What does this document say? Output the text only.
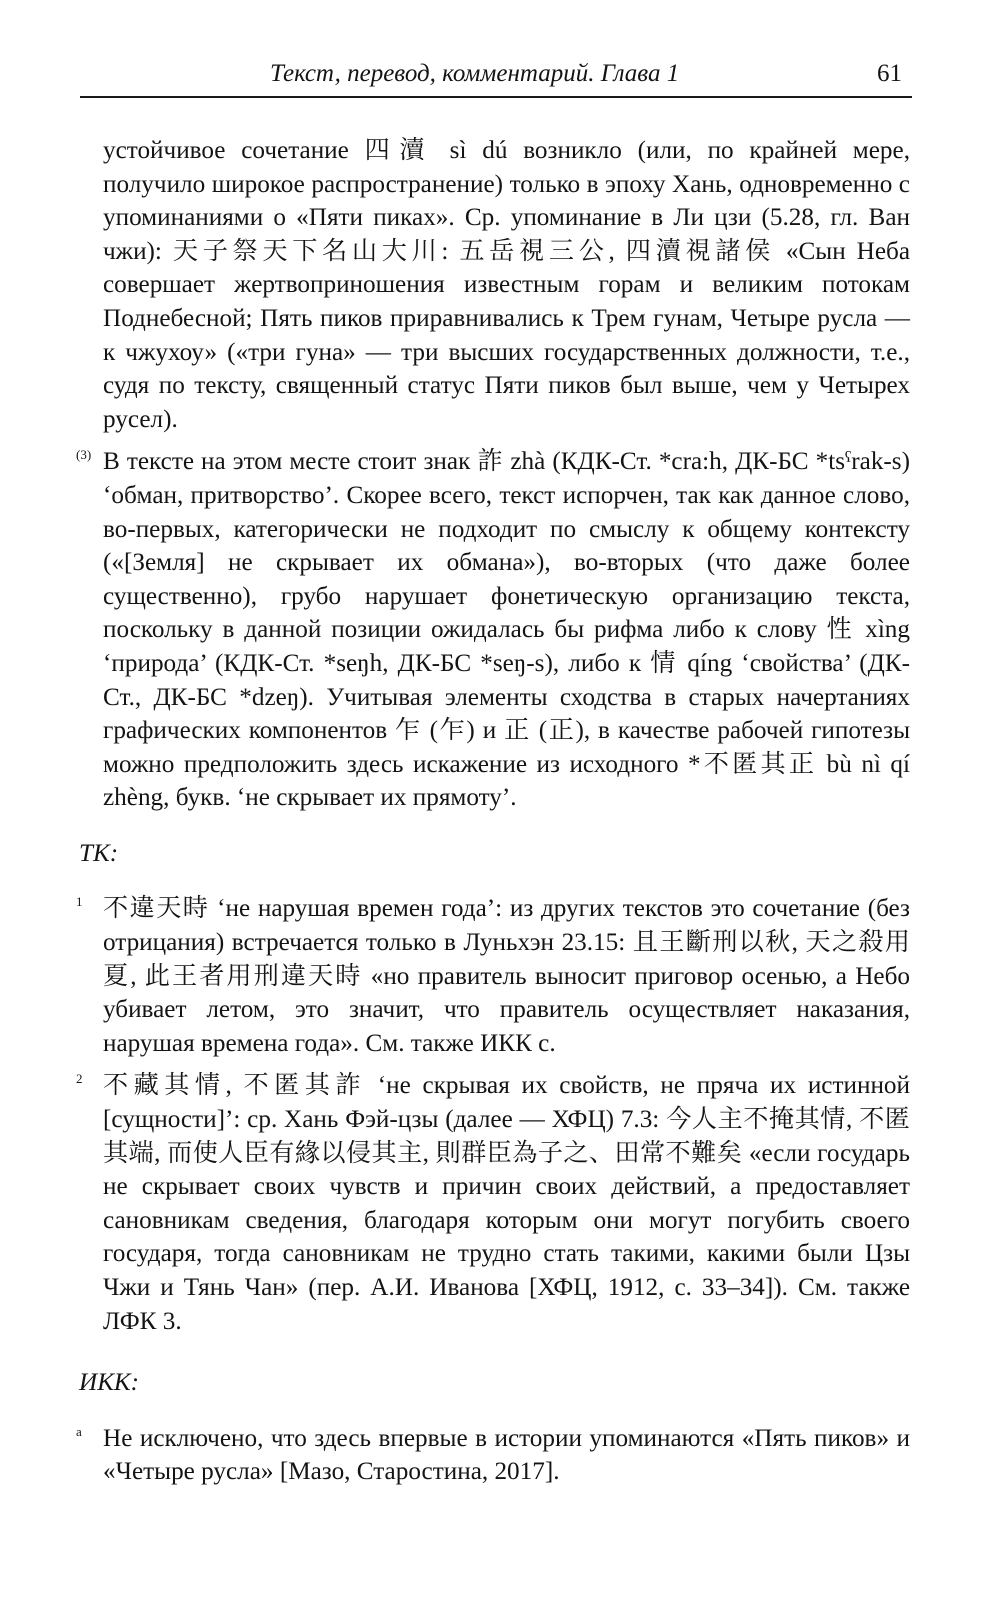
Текст, перевод, комментарий. Глава 1	61

устойчивое сочетание 四瀆 sì dú возникло (или, по крайней мере, получило широкое распространение) только в эпоху Хань, одновременно с упоминаниями о «Пяти пиках». Ср. упоминание в Ли цзи (5.28, гл. Ван чжи): 天子祭天下名山大川: 五岳視三公, 四瀆視諸侯 «Сын Неба совершает жертвоприношения известным горам и великим потокам Поднебесной; Пять пиков приравнивались к Трем гунам, Четыре русла — к чжухоу» («три гуна» — три высших государственных должности, т.е., судя по тексту, священный статус Пяти пиков был выше, чем у Четырех русел).

(3) В тексте на этом месте стоит знак 詐 zhà (КДК-Ст. *cra:h, ДК-БС *tsˁrak-s) ‘обман, притворство’. Скорее всего, текст испорчен, так как данное слово, во-первых, категорически не подходит по смыслу к общему контексту («[Земля] не скрывает их обмана»), во-вторых (что даже более существенно), грубо нарушает фонетическую организацию текста, поскольку в данной позиции ожидалась бы рифма либо к слову 性 xìng ‘природа’ (КДК-Ст. *seŋh, ДК-БС *seŋ-s), либо к 情 qíng ‘свойства’ (ДК-Ст., ДК-БС *dzeŋ). Учитывая элементы сходства в старых начертаниях графических компонентов 乍 (乍) и 正 (正), в качестве рабочей гипотезы можно предположить здесь искажение из исходного *不匿其正 bù nì qí zhèng, букв. ‘не скрывает их прямоту’.

ТК:

1 不違天時 ‘не нарушая времен года’: из других текстов это сочетание (без отрицания) встречается только в Луньхэн 23.15: 且王斷刑以秋, 天之殺用夏, 此王者用刑違天時 «но правитель выносит приговор осенью, а Небо убивает летом, это значит, что правитель осуществляет наказания, нарушая времена года». См. также ИКК с.
2 不藏其情, 不匿其詐 ‘не скрывая их свойств, не пряча их истинной [сущности]’: ср. Хань Фэй-цзы (далее — ХФЦ) 7.3: 今人主不掩其情, 不匿其端, 而使人臣有緣以侵其主, 則群臣為子之、田常不難矣 «если государь не скрывает своих чувств и причин своих действий, а предоставляет сановникам сведения, благодаря которым они могут погубить своего государя, тогда сановникам не трудно стать такими, какими были Цзы Чжи и Тянь Чан» (пер. А.И. Иванова [ХФЦ, 1912, с. 33–34]). См. также ЛФК 3.

ИКК:

a Не исключено, что здесь впервые в истории упоминаются «Пять пиков» и «Четыре русла» [Мазо, Старостина, 2017].
